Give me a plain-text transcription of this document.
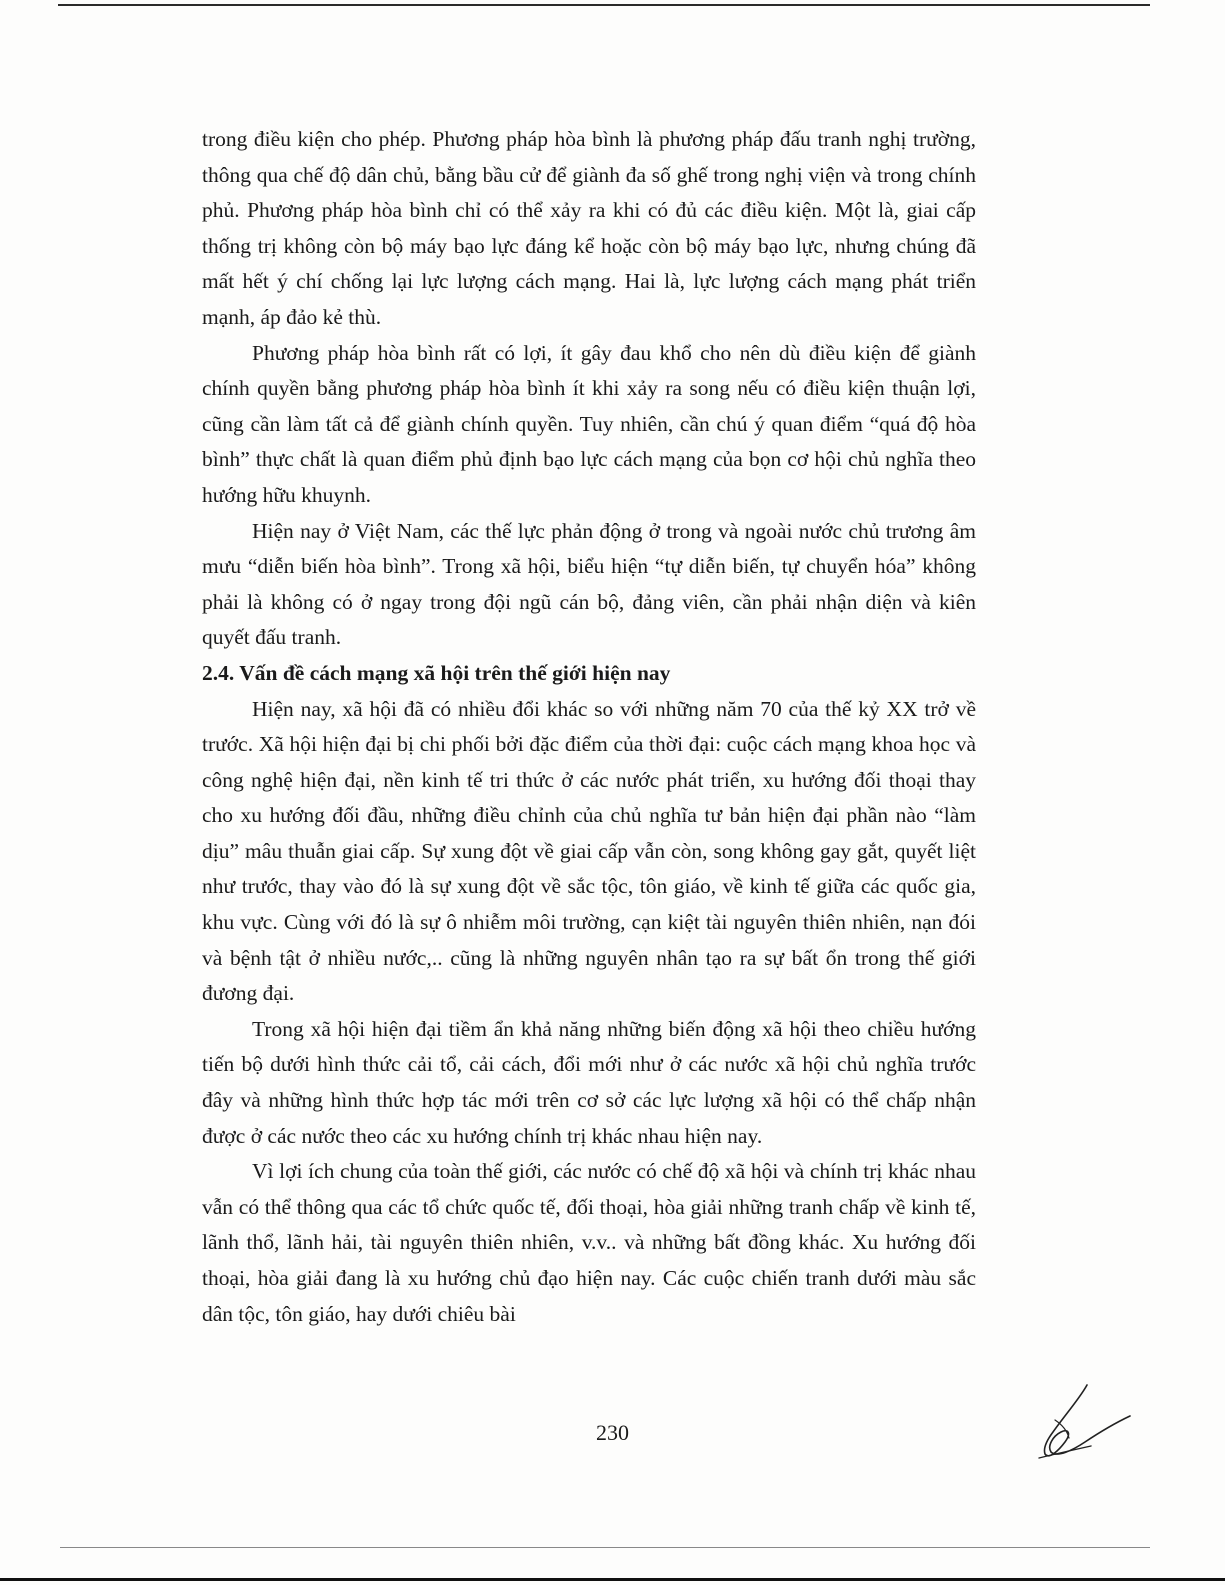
trong điều kiện cho phép. Phương pháp hòa bình là phương pháp đấu tranh nghị trường, thông qua chế độ dân chủ, bằng bầu cử để giành đa số ghế trong nghị viện và trong chính phủ. Phương pháp hòa bình chỉ có thể xảy ra khi có đủ các điều kiện. Một là, giai cấp thống trị không còn bộ máy bạo lực đáng kể hoặc còn bộ máy bạo lực, nhưng chúng đã mất hết ý chí chống lại lực lượng cách mạng. Hai là, lực lượng cách mạng phát triển mạnh, áp đảo kẻ thù.

Phương pháp hòa bình rất có lợi, ít gây đau khổ cho nên dù điều kiện để giành chính quyền bằng phương pháp hòa bình ít khi xảy ra song nếu có điều kiện thuận lợi, cũng cần làm tất cả để giành chính quyền. Tuy nhiên, cần chú ý quan điểm “quá độ hòa bình” thực chất là quan điểm phủ định bạo lực cách mạng của bọn cơ hội chủ nghĩa theo hướng hữu khuynh.

Hiện nay ở Việt Nam, các thế lực phản động ở trong và ngoài nước chủ trương âm mưu “diễn biến hòa bình”. Trong xã hội, biểu hiện “tự diễn biến, tự chuyển hóa” không phải là không có ở ngay trong đội ngũ cán bộ, đảng viên, cần phải nhận diện và kiên quyết đấu tranh.

2.4. Vấn đề cách mạng xã hội trên thế giới hiện nay

Hiện nay, xã hội đã có nhiều đổi khác so với những năm 70 của thế kỷ XX trở về trước. Xã hội hiện đại bị chi phối bởi đặc điểm của thời đại: cuộc cách mạng khoa học và công nghệ hiện đại, nền kinh tế tri thức ở các nước phát triển, xu hướng đối thoại thay cho xu hướng đối đầu, những điều chỉnh của chủ nghĩa tư bản hiện đại phần nào “làm dịu” mâu thuẫn giai cấp. Sự xung đột về giai cấp vẫn còn, song không gay gắt, quyết liệt như trước, thay vào đó là sự xung đột về sắc tộc, tôn giáo, về kinh tế giữa các quốc gia, khu vực. Cùng với đó là sự ô nhiễm môi trường, cạn kiệt tài nguyên thiên nhiên, nạn đói và bệnh tật ở nhiều nước,.. cũng là những nguyên nhân tạo ra sự bất ổn trong thế giới đương đại.

Trong xã hội hiện đại tiềm ẩn khả năng những biến động xã hội theo chiều hướng tiến bộ dưới hình thức cải tổ, cải cách, đổi mới như ở các nước xã hội chủ nghĩa trước đây và những hình thức hợp tác mới trên cơ sở các lực lượng xã hội có thể chấp nhận được ở các nước theo các xu hướng chính trị khác nhau hiện nay.

Vì lợi ích chung của toàn thế giới, các nước có chế độ xã hội và chính trị khác nhau vẫn có thể thông qua các tổ chức quốc tế, đối thoại, hòa giải những tranh chấp về kinh tế, lãnh thổ, lãnh hải, tài nguyên thiên nhiên, v.v.. và những bất đồng khác. Xu hướng đối thoại, hòa giải đang là xu hướng chủ đạo hiện nay. Các cuộc chiến tranh dưới màu sắc dân tộc, tôn giáo, hay dưới chiêu bài

230
